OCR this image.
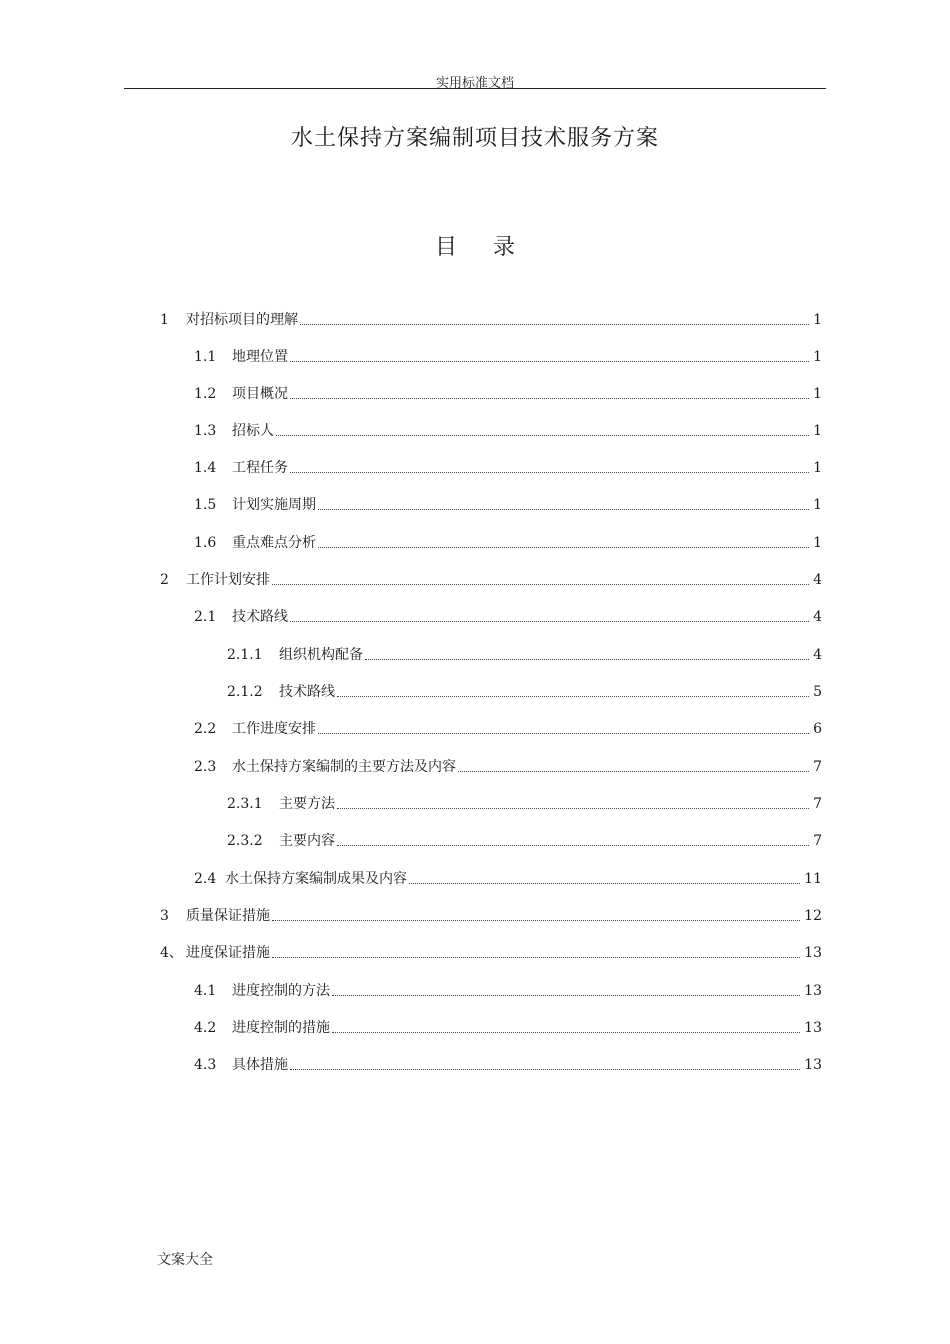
实用标准文档
水土保持方案编制项目技术服务方案
目 录
1	对招标项目的理解	1
1.1	地理位置	1
1.2	项目概况	1
1.3	招标人	1
1.4	工程任务	1
1.5	计划实施周期	1
1.6	重点难点分析	1
2	工作计划安排	4
2.1	技术路线	4
2.1.1	组织机构配备	4
2.1.2	技术路线	5
2.2	工作进度安排	6
2.3	水土保持方案编制的主要方法及内容	7
2.3.1	主要方法	7
2.3.2	主要内容	7
2.4 水土保持方案编制成果及内容	11
3	质量保证措施	12
4、 进度保证措施	13
4.1	进度控制的方法	13
4.2	进度控制的措施	13
4.3	具体措施	13
文案大全
